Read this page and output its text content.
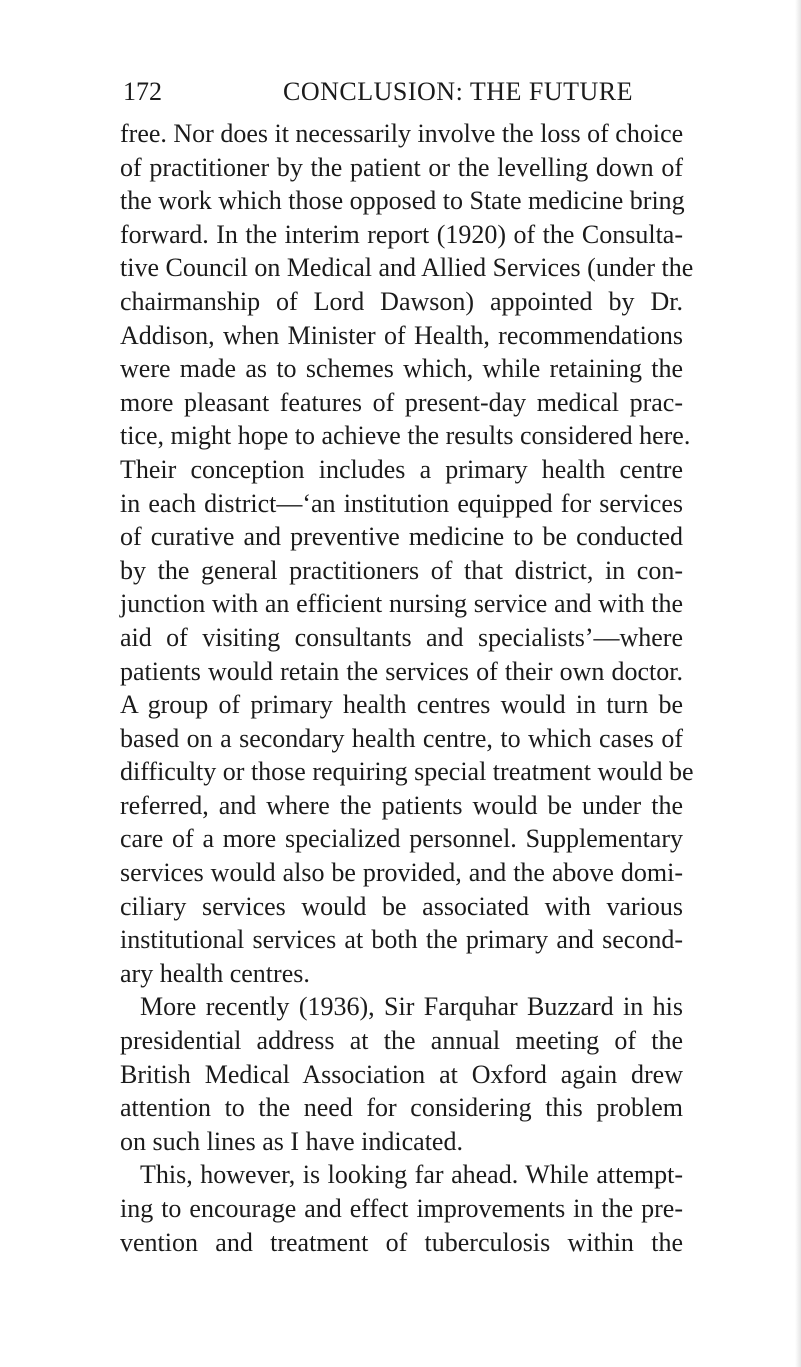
172	CONCLUSION: THE FUTURE
free. Nor does it necessarily involve the loss of choice
of practitioner by the patient or the levelling down of
the work which those opposed to State medicine bring
forward. In the interim report (1920) of the Consulta-
tive Council on Medical and Allied Services (under the
chairmanship of Lord Dawson) appointed by Dr.
Addison, when Minister of Health, recommendations
were made as to schemes which, while retaining the
more pleasant features of present-day medical prac-
tice, might hope to achieve the results considered here.
Their conception includes a primary health centre
in each district—‘an institution equipped for services
of curative and preventive medicine to be conducted
by the general practitioners of that district, in con-
junction with an efficient nursing service and with the
aid of visiting consultants and specialists’—where
patients would retain the services of their own doctor.
A group of primary health centres would in turn be
based on a secondary health centre, to which cases of
difficulty or those requiring special treatment would be
referred, and where the patients would be under the
care of a more specialized personnel. Supplementary
services would also be provided, and the above domi-
ciliary services would be associated with various
institutional services at both the primary and second-
ary health centres.
More recently (1936), Sir Farquhar Buzzard in his
presidential address at the annual meeting of the
British Medical Association at Oxford again drew
attention to the need for considering this problem
on such lines as I have indicated.
This, however, is looking far ahead. While attempt-
ing to encourage and effect improvements in the pre-
vention and treatment of tuberculosis within the
